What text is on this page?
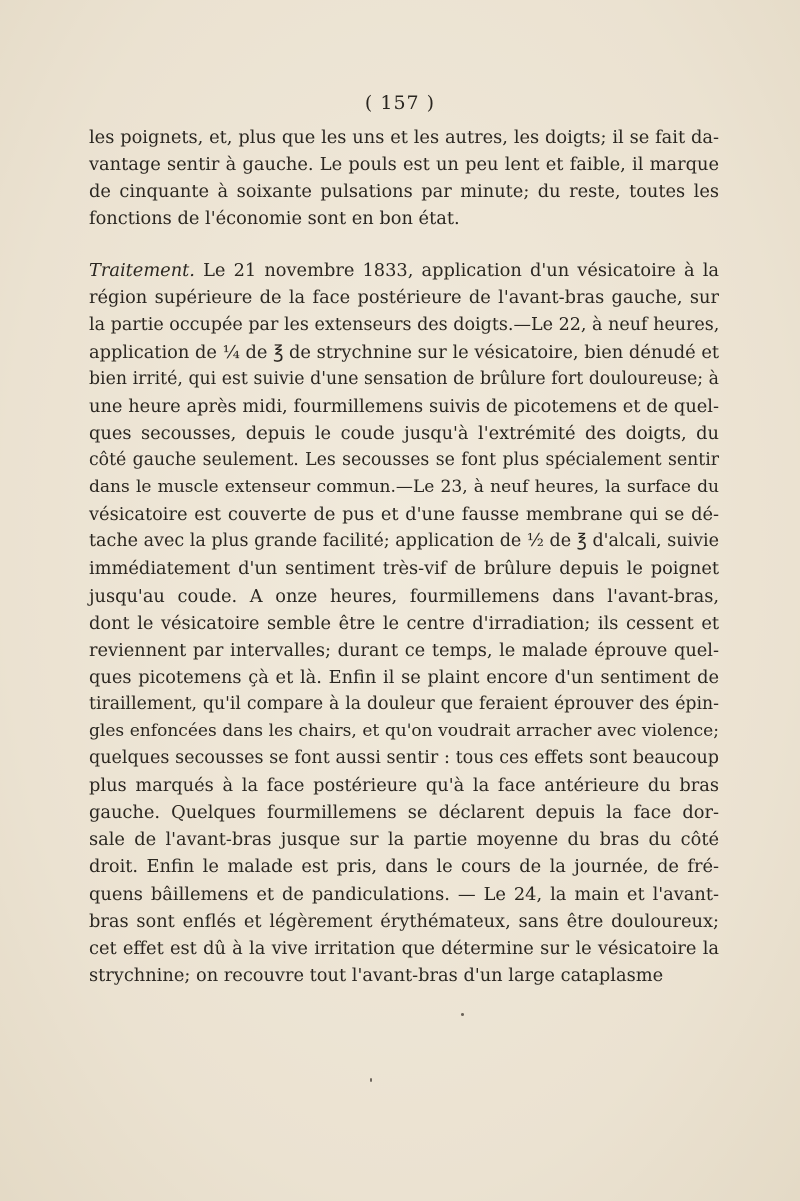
( 157 )

les poignets, et, plus que les uns et les autres, les doigts; il se fait da-
vantage sentir à gauche. Le pouls est un peu lent et faible, il marque
de cinquante à soixante pulsations par minute; du reste, toutes les
fonctions de l'économie sont en bon état.

Traitement. Le 21 novembre 1833, application d'un vésicatoire à la
région supérieure de la face postérieure de l'avant-bras gauche, sur
la partie occupée par les extenseurs des doigts.—Le 22, à neuf heures,
application de ¼ de ℥ de strychnine sur le vésicatoire, bien dénudé et
bien irrité, qui est suivie d'une sensation de brûlure fort douloureuse; à
une heure après midi, fourmillemens suivis de picotemens et de quel-
ques secousses, depuis le coude jusqu'à l'extrémité des doigts, du
côté gauche seulement. Les secousses se font plus spécialement sentir
dans le muscle extenseur commun.—Le 23, à neuf heures, la surface du
vésicatoire est couverte de pus et d'une fausse membrane qui se dé-
tache avec la plus grande facilité; application de ½ de ℥ d'alcali, suivie
immédiatement d'un sentiment très-vif de brûlure depuis le poignet
jusqu'au coude. A onze heures, fourmillemens dans l'avant-bras,
dont le vésicatoire semble être le centre d'irradiation; ils cessent et
reviennent par intervalles; durant ce temps, le malade éprouve quel-
ques picotemens çà et là. Enfin il se plaint encore d'un sentiment de
tiraillement, qu'il compare à la douleur que feraient éprouver des épin-
gles enfoncées dans les chairs, et qu'on voudrait arracher avec violence;
quelques secousses se font aussi sentir : tous ces effets sont beaucoup
plus marqués à la face postérieure qu'à la face antérieure du bras
gauche. Quelques fourmillemens se déclarent depuis la face dor-
sale de l'avant-bras jusque sur la partie moyenne du bras du côté
droit. Enfin le malade est pris, dans le cours de la journée, de fré-
quens bâillemens et de pandiculations. — Le 24, la main et l'avant-
bras sont enflés et légèrement érythémateux, sans être douloureux;
cet effet est dû à la vive irritation que détermine sur le vésicatoire la
strychnine; on recouvre tout l'avant-bras d'un large cataplasme
